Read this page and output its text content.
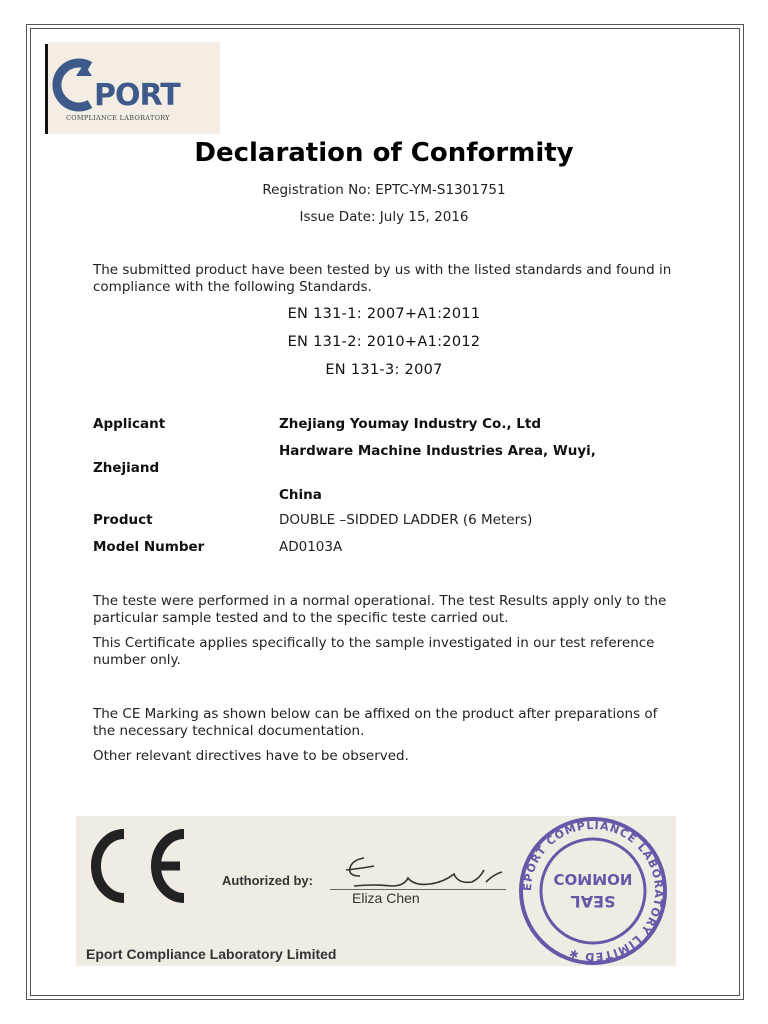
PORT
COMPLIANCE LABORATORY
Declaration of Conformity
Registration No: EPTC-YM-S1301751
Issue Date: July 15, 2016
The submitted product have been tested by us with the listed standards and found in compliance with the following Standards.
EN 131-1: 2007+A1:2011
EN 131-2: 2010+A1:2012
EN 131-3: 2007
Applicant	Zhejiang Youmay Industry Co., Ltd
Hardware Machine Industries Area, Wuyi,
Zhejiand
China
Product	DOUBLE –SIDDED LADDER (6 Meters)
Model Number	AD0103A
The teste were performed in a normal operational. The test Results apply only to the particular sample tested and to the specific teste carried out.
This Certificate applies specifically to the sample investigated in our test reference number only.
The CE Marking as shown below can be affixed on the product after preparations of the necessary technical documentation.
Other relevant directives have to be observed.
Authorized by:
Eliza Chen
Eport Compliance Laboratory Limited
EPORT COMPLIANCE LABORATORY LIMITED ✱
SEAL
COMMON
